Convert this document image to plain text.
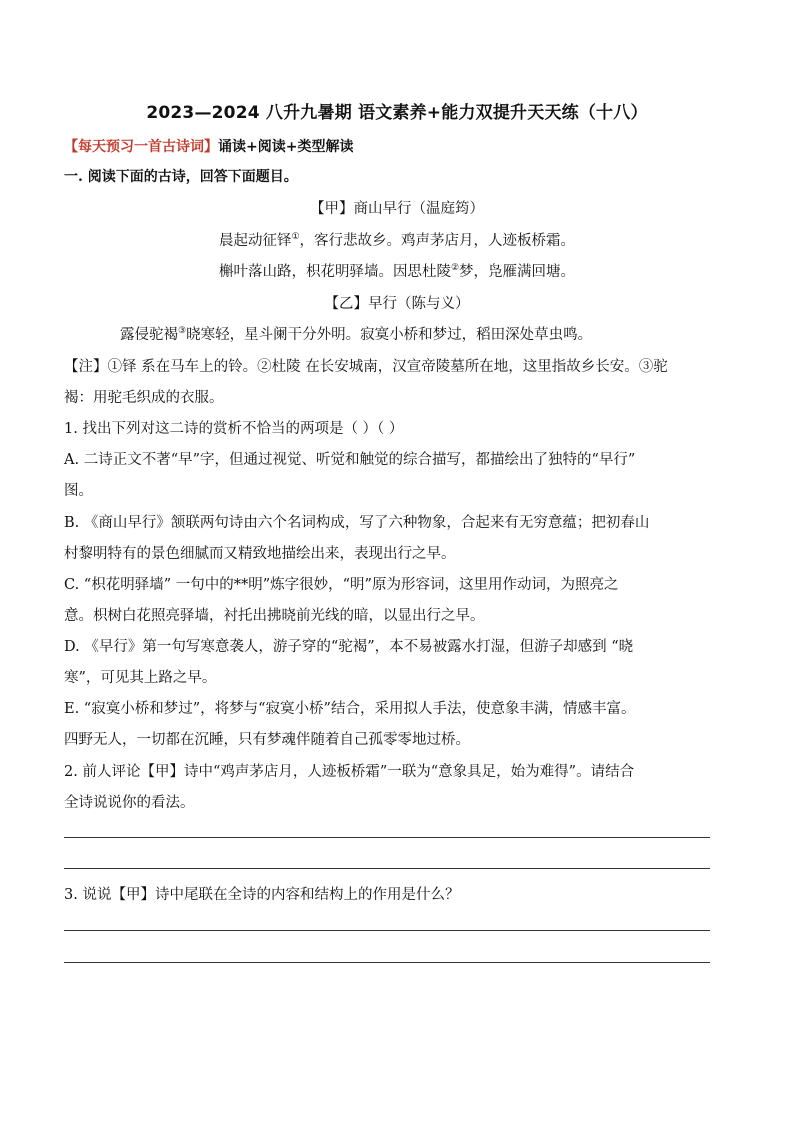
2023—2024 八升九暑期 语文素养+能力双提升天天练（十八）
【每天预习一首古诗词】诵读+阅读+类型解读
一. 阅读下面的古诗，回答下面题目。
【甲】商山早行（温庭筠）
晨起动征铎①，客行悲故乡。鸡声茅店月，人迹板桥霜。
槲叶落山路，枳花明驿墙。因思杜陵②梦，凫雁满回塘。
【乙】早行（陈与义）
露侵驼褐③晓寒轻，星斗阑干分外明。寂寞小桥和梦过，稻田深处草虫鸣。
【注】①铎 系在马车上的铃。②杜陵 在长安城南，汉宣帝陵墓所在地，这里指故乡长安。③驼
褐：用驼毛织成的衣服。
1. 找出下列对这二诗的赏析不恰当的两项是（ ）（ ）
A. 二诗正文不著“早”字，但通过视觉、听觉和触觉的综合描写，都描绘出了独特的“早行”
图。
B. 《商山早行》颔联两句诗由六个名词构成，写了六种物象，合起来有无穷意蕴；把初春山
村黎明特有的景色细腻而又精致地描绘出来，表现出行之早。
C. “枳花明驿墙” 一句中的**明”炼字很妙，“明”原为形容词，这里用作动词，为照亮之
意。枳树白花照亮驿墙，衬托出拂晓前光线的暗，以显出行之早。
D. 《早行》第一句写寒意袭人，游子穿的“驼褐”，本不易被露水打湿，但游子却感到 “晓
寒”，可见其上路之早。
E. “寂寞小桥和梦过”，将梦与“寂寞小桥”结合，采用拟人手法，使意象丰满，情感丰富。
四野无人，一切都在沉睡，只有梦魂伴随着自己孤零零地过桥。
2. 前人评论【甲】诗中“鸡声茅店月，人迹板桥霜”一联为“意象具足，始为难得”。请结合
全诗说说你的看法。
3. 说说【甲】诗中尾联在全诗的内容和结构上的作用是什么？
